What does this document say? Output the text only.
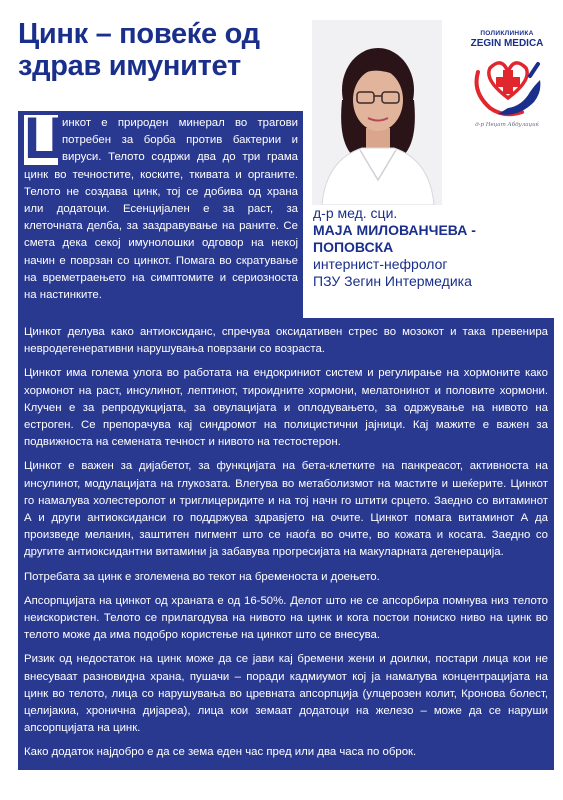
Цинк – повеќе од
здрав имунитет
ПОЛИКЛИНИКА
ZEGIN MEDICA
д-р Неџат Абдулаџиќ
Ц

инкот е природен минерал во трагови потребен за борба против бактерии и вируси. Телото содржи два до три грама цинк во течностите, коските, ткивата и органите. Телото не создава цинк, тој се добива од храна или додатоци. Есенцијален е за раст, за клеточната делба, за заздравување на раните. Се смета дека секој имунолошки одговор на некој начин е поврзан со цинкот. Помага во скратување на времетраењето на симптомите и сериозноста на настинките.

д-р мед. сци.
МАЈА МИЛОВАНЧЕВА - ПОПОВСКА
интернист-нефролог
ПЗУ Зегин Интермедика

Цинкот делува како антиоксиданс, спречува оксидативен стрес во мозокот и така превенира невродегенеративни нарушувања поврзани со возраста.

Цинкот има голема улога во работата на ендокриниот систем и регулирање на хормоните како хормонот на раст, инсулинот, лептинот, тироидните хормони, мелатонинот и половите хормони. Клучен е за репродукцијата, за овулацијата и оплодувањето, за одржување на нивото на естроген. Се препорачува кај синдромот на полицистични јајници. Кај мажите е важен за подвижноста на семената течност и нивото на тестостерон.

Цинкот е важен за дијабетот, за функцијата на бета-клетките на панкреасот, активноста на инсулинот, модулацијата на глукозата. Влегува во метаболизмот на мастите и шеќерите. Цинкот го намалува холестеролот и триглицеридите и на тој начн го штити срцето. Заедно со витаминот А и други антиоксиданси го поддржува здравјето на очите. Цинкот помага витаминот А да произведе меланин, заштитен пигмент што се наоѓа во очите, во кожата и косата. Заедно со другите антиоксидантни витамини ја забавува прогресијата на макуларната дегенерација.

Потребата за цинк е зголемена во текот на бременоста и доењето.

Апсорпцијата на цинкот од храната е од 16-50%. Делот што не се апсорбира помнува низ телото неискористен. Телото се прилагодува на нивото на цинк и кога постои пониско ниво на цинк во телото може да има подобро користење на цинкот што се внесува.

Ризик од недостаток на цинк може да се јави кај бремени жени и доилки, постари лица кои не внесуваат разновидна храна, пушачи – поради кадмиумот кој ја намалува концентрацијата на цинк во телото, лица со нарушувања во цревната апсорпција (улцерозен колит, Кронова болест, целијакиа, хронична дијареа), лица кои земаат додатоци на железо – може да се наруши апсорпцијата на цинк.

Како додаток најдобро е да се зема еден час пред или два часа по оброк.
